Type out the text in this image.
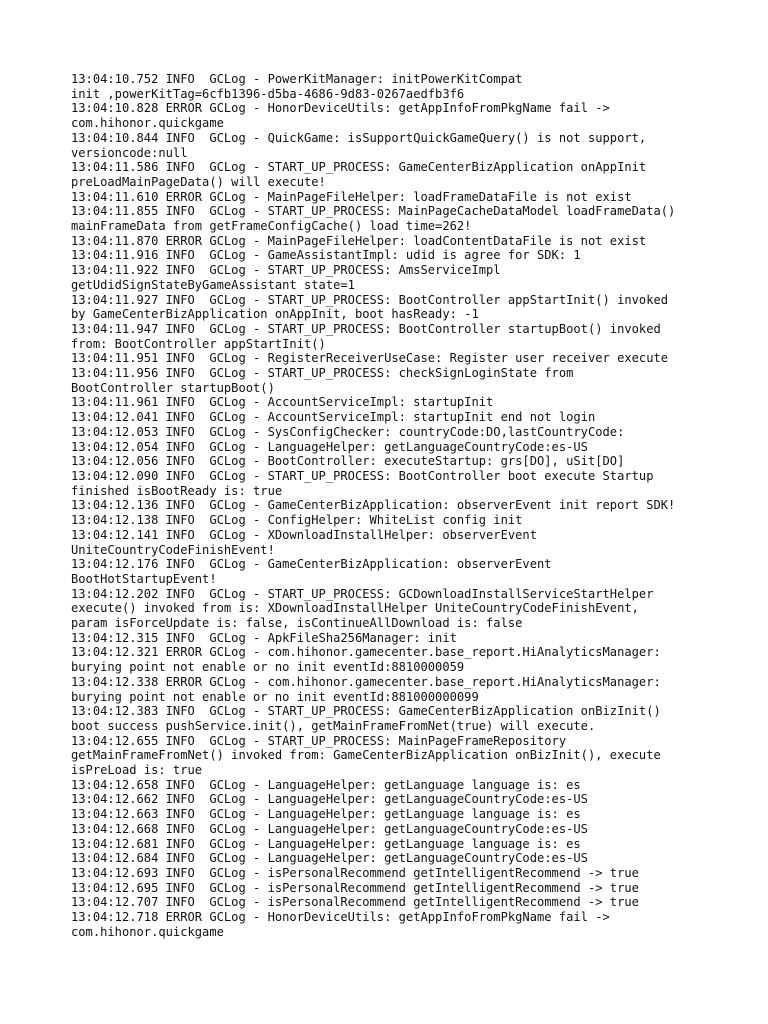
13:04:10.752 INFO  GCLog - PowerKitManager: initPowerKitCompat
init ,powerKitTag=6cfb1396-d5ba-4686-9d83-0267aedfb3f6
13:04:10.828 ERROR GCLog - HonorDeviceUtils: getAppInfoFromPkgName fail ->
com.hihonor.quickgame
13:04:10.844 INFO  GCLog - QuickGame: isSupportQuickGameQuery() is not support,
versioncode:null
13:04:11.586 INFO  GCLog - START_UP_PROCESS: GameCenterBizApplication onAppInit
preLoadMainPageData() will execute!
13:04:11.610 ERROR GCLog - MainPageFileHelper: loadFrameDataFile is not exist
13:04:11.855 INFO  GCLog - START_UP_PROCESS: MainPageCacheDataModel loadFrameData()
mainFrameData from getFrameConfigCache() load time=262!
13:04:11.870 ERROR GCLog - MainPageFileHelper: loadContentDataFile is not exist
13:04:11.916 INFO  GCLog - GameAssistantImpl: udid is agree for SDK: 1
13:04:11.922 INFO  GCLog - START_UP_PROCESS: AmsServiceImpl
getUdidSignStateByGameAssistant state=1
13:04:11.927 INFO  GCLog - START_UP_PROCESS: BootController appStartInit() invoked
by GameCenterBizApplication onAppInit, boot hasReady: -1
13:04:11.947 INFO  GCLog - START_UP_PROCESS: BootController startupBoot() invoked
from: BootController appStartInit()
13:04:11.951 INFO  GCLog - RegisterReceiverUseCase: Register user receiver execute
13:04:11.956 INFO  GCLog - START_UP_PROCESS: checkSignLoginState from
BootController startupBoot()
13:04:11.961 INFO  GCLog - AccountServiceImpl: startupInit
13:04:12.041 INFO  GCLog - AccountServiceImpl: startupInit end not login
13:04:12.053 INFO  GCLog - SysConfigChecker: countryCode:DO,lastCountryCode:
13:04:12.054 INFO  GCLog - LanguageHelper: getLanguageCountryCode:es-US
13:04:12.056 INFO  GCLog - BootController: executeStartup: grs[DO], uSit[DO]
13:04:12.090 INFO  GCLog - START_UP_PROCESS: BootController boot execute Startup
finished isBootReady is: true
13:04:12.136 INFO  GCLog - GameCenterBizApplication: observerEvent init report SDK!
13:04:12.138 INFO  GCLog - ConfigHelper: WhiteList config init
13:04:12.141 INFO  GCLog - XDownloadInstallHelper: observerEvent
UniteCountryCodeFinishEvent!
13:04:12.176 INFO  GCLog - GameCenterBizApplication: observerEvent
BootHotStartupEvent!
13:04:12.202 INFO  GCLog - START_UP_PROCESS: GCDownloadInstallServiceStartHelper
execute() invoked from is: XDownloadInstallHelper UniteCountryCodeFinishEvent,
param isForceUpdate is: false, isContinueAllDownload is: false
13:04:12.315 INFO  GCLog - ApkFileSha256Manager: init
13:04:12.321 ERROR GCLog - com.hihonor.gamecenter.base_report.HiAnalyticsManager:
burying point not enable or no init eventId:8810000059
13:04:12.338 ERROR GCLog - com.hihonor.gamecenter.base_report.HiAnalyticsManager:
burying point not enable or no init eventId:881000000099
13:04:12.383 INFO  GCLog - START_UP_PROCESS: GameCenterBizApplication onBizInit()
boot success pushService.init(), getMainFrameFromNet(true) will execute.
13:04:12.655 INFO  GCLog - START_UP_PROCESS: MainPageFrameRepository
getMainFrameFromNet() invoked from: GameCenterBizApplication onBizInit(), execute
isPreLoad is: true
13:04:12.658 INFO  GCLog - LanguageHelper: getLanguage language is: es
13:04:12.662 INFO  GCLog - LanguageHelper: getLanguageCountryCode:es-US
13:04:12.663 INFO  GCLog - LanguageHelper: getLanguage language is: es
13:04:12.668 INFO  GCLog - LanguageHelper: getLanguageCountryCode:es-US
13:04:12.681 INFO  GCLog - LanguageHelper: getLanguage language is: es
13:04:12.684 INFO  GCLog - LanguageHelper: getLanguageCountryCode:es-US
13:04:12.693 INFO  GCLog - isPersonalRecommend getIntelligentRecommend -> true
13:04:12.695 INFO  GCLog - isPersonalRecommend getIntelligentRecommend -> true
13:04:12.707 INFO  GCLog - isPersonalRecommend getIntelligentRecommend -> true
13:04:12.718 ERROR GCLog - HonorDeviceUtils: getAppInfoFromPkgName fail ->
com.hihonor.quickgame
